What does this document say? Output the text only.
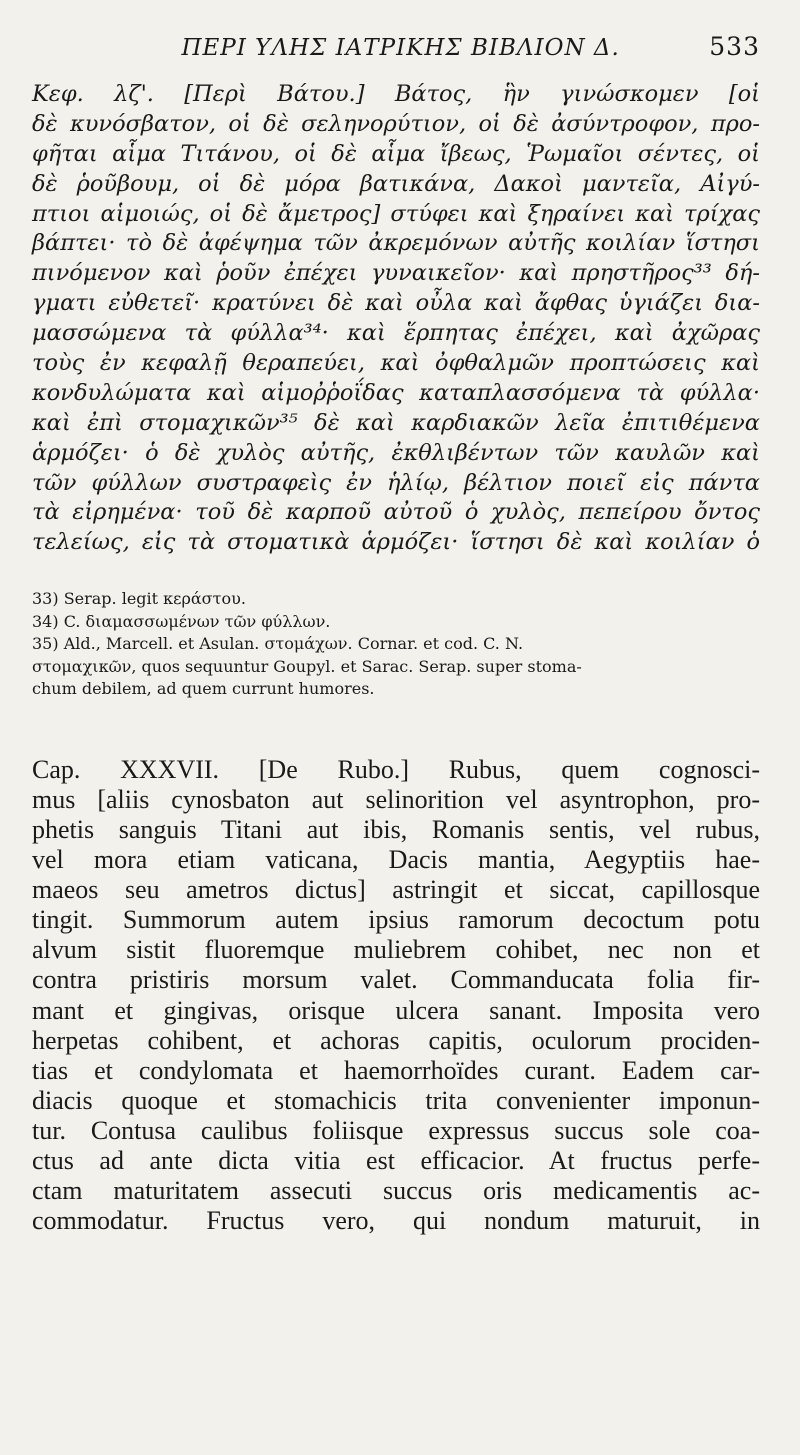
ΠΕΡΙ ΥΛΗΣ ΙΑΤΡΙΚΗΣ ΒΙΒΛΙΟΝ Δ.	533
Κεφ. λζ'. [Περὶ Βάτου.] Βάτος, ἣν γινώσκομεν [οἱ
δὲ κυνόσβατον, οἱ δὲ σεληνορύτιον, οἱ δὲ ἀσύντροφον, προ-
φῆται αἷμα Τιτάνου, οἱ δὲ αἷμα ἴβεως, Ῥωμαῖοι σέντες, οἱ
δὲ ῥοῦβουμ, οἱ δὲ μόρα βατικάνα, Δακοὶ μαντεῖα, Αἰγύ-
πτιοι αἱμοιώς, οἱ δὲ ἄμετρος] στύφει καὶ ξηραίνει καὶ τρίχας
βάπτει· τὸ δὲ ἀφέψημα τῶν ἀκρεμόνων αὐτῆς κοιλίαν ἵστησι
πινόμενον καὶ ῥοῦν ἐπέχει γυναικεῖον· καὶ πρηστῆρος³³ δή-
γματι εὐθετεῖ· κρατύνει δὲ καὶ οὖλα καὶ ἄφθας ὑγιάζει δια-
μασσώμενα τὰ φύλλα³⁴· καὶ ἕρπητας ἐπέχει, καὶ ἀχῶρας
τοὺς ἐν κεφαλῇ θεραπεύει, καὶ ὀφθαλμῶν προπτώσεις καὶ
κονδυλώματα καὶ αἱμοῤῥοΐδας καταπλασσόμενα τὰ φύλλα·
καὶ ἐπὶ στομαχικῶν³⁵ δὲ καὶ καρδιακῶν λεῖα ἐπιτιθέμενα
ἁρμόζει· ὁ δὲ χυλὸς αὐτῆς, ἐκθλιβέντων τῶν καυλῶν καὶ
τῶν φύλλων συστραφεὶς ἐν ἡλίῳ, βέλτιον ποιεῖ εἰς πάντα
τὰ εἰρημένα· τοῦ δὲ καρποῦ αὐτοῦ ὁ χυλὸς, πεπείρου ὄντος
τελείως, εἰς τὰ στοματικὰ ἁρμόζει· ἵστησι δὲ καὶ κοιλίαν ὁ
33) Serap. legit κεράστου.
34) C. διαμασσωμένων τῶν φύλλων.
35) Ald., Marcell. et Asulan. στομάχων. Cornar. et cod. C. N.
στομαχικῶν, quos sequuntur Goupyl. et Sarac. Serap. super stoma-
chum debilem, ad quem currunt humores.
Cap. XXXVII. [De Rubo.] Rubus, quem cognosci-
mus [aliis cynosbaton aut selinorition vel asyntrophon, pro-
phetis sanguis Titani aut ibis, Romanis sentis, vel rubus,
vel mora etiam vaticana, Dacis mantia, Aegyptiis hae-
maeos seu ametros dictus] astringit et siccat, capillosque
tingit. Summorum autem ipsius ramorum decoctum potu
alvum sistit fluoremque muliebrem cohibet, nec non et
contra pristiris morsum valet. Commanducata folia fir-
mant et gingivas, orisque ulcera sanant. Imposita vero
herpetas cohibent, et achoras capitis, oculorum prociden-
tias et condylomata et haemorrhoïdes curant. Eadem car-
diacis quoque et stomachicis trita convenienter imponun-
tur. Contusa caulibus foliisque expressus succus sole coa-
ctus ad ante dicta vitia est efficacior. At fructus perfe-
ctam maturitatem assecuti succus oris medicamentis ac-
commodatur. Fructus vero, qui nondum maturuit, in
